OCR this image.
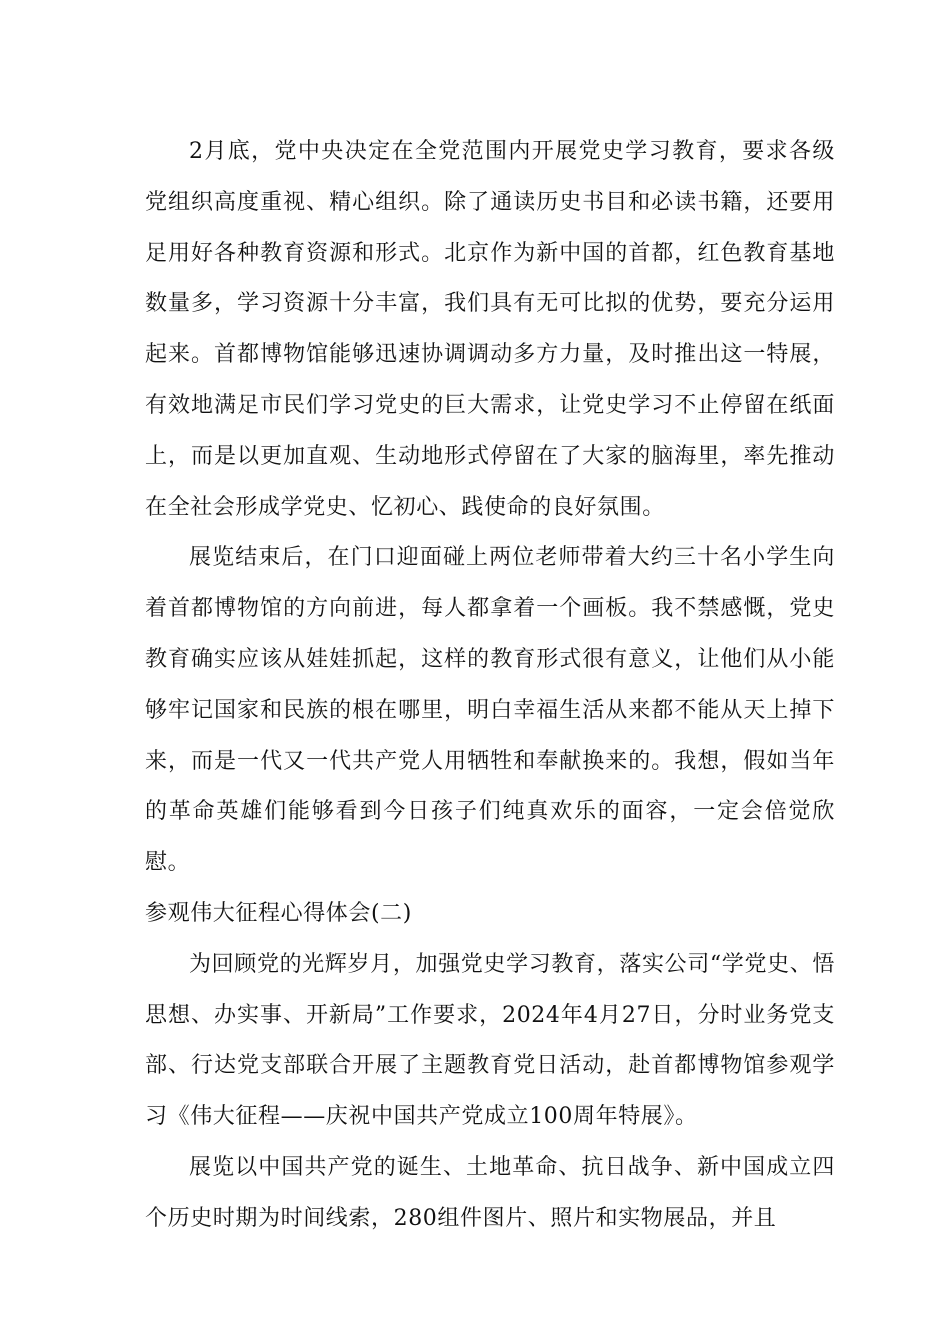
2月底，党中央决定在全党范围内开展党史学习教育，要求各级党组织高度重视、精心组织。除了通读历史书目和必读书籍，还要用足用好各种教育资源和形式。北京作为新中国的首都，红色教育基地数量多，学习资源十分丰富，我们具有无可比拟的优势，要充分运用起来。首都博物馆能够迅速协调调动多方力量，及时推出这一特展，有效地满足市民们学习党史的巨大需求，让党史学习不止停留在纸面上，而是以更加直观、生动地形式停留在了大家的脑海里，率先推动在全社会形成学党史、忆初心、践使命的良好氛围。

展览结束后，在门口迎面碰上两位老师带着大约三十名小学生向着首都博物馆的方向前进，每人都拿着一个画板。我不禁感慨，党史教育确实应该从娃娃抓起，这样的教育形式很有意义，让他们从小能够牢记国家和民族的根在哪里，明白幸福生活从来都不能从天上掉下来，而是一代又一代共产党人用牺牲和奉献换来的。我想，假如当年的革命英雄们能够看到今日孩子们纯真欢乐的面容，一定会倍觉欣慰。

参观伟大征程心得体会(二)

为回顾党的光辉岁月，加强党史学习教育，落实公司“学党史、悟思想、办实事、开新局”工作要求，2024年4月27日，分时业务党支部、行达党支部联合开展了主题教育党日活动，赴首都博物馆参观学习《伟大征程——庆祝中国共产党成立100周年特展》。

展览以中国共产党的诞生、土地革命、抗日战争、新中国成立四个历史时期为时间线索，280组件图片、照片和实物展品，并且
